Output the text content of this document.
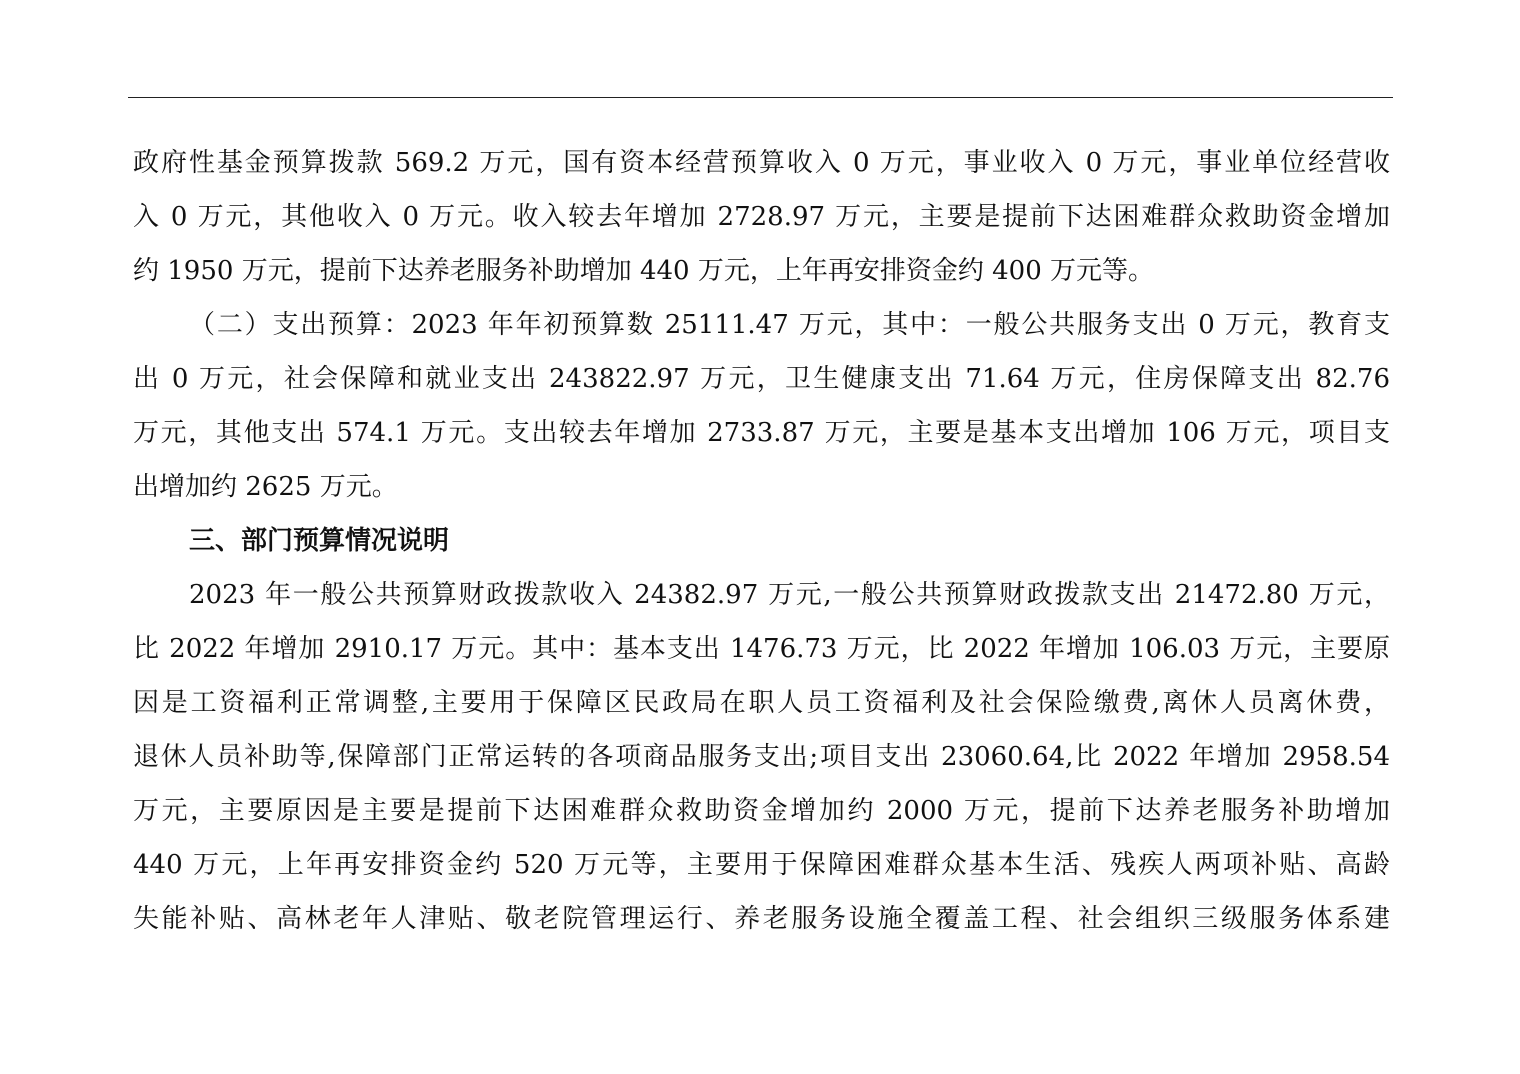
政府性基金预算拨款 569.2 万元，国有资本经营预算收入 0 万元，事业收入 0 万元，事业单位经营收
入 0 万元，其他收入 0 万元。收入较去年增加 2728.97 万元，主要是提前下达困难群众救助资金增加
约 1950 万元，提前下达养老服务补助增加 440 万元，上年再安排资金约 400 万元等。
（二）支出预算：2023 年年初预算数 25111.47 万元，其中：一般公共服务支出 0 万元，教育支
出 0 万元，社会保障和就业支出 243822.97 万元，卫生健康支出 71.64 万元，住房保障支出 82.76
万元，其他支出 574.1 万元。支出较去年增加 2733.87 万元，主要是基本支出增加 106 万元，项目支
出增加约 2625 万元。
三、部门预算情况说明
2023 年一般公共预算财政拨款收入 24382.97 万元,一般公共预算财政拨款支出 21472.80 万元，
比 2022 年增加 2910.17 万元。其中：基本支出 1476.73 万元，比 2022 年增加 106.03 万元，主要原
因是工资福利正常调整,主要用于保障区民政局在职人员工资福利及社会保险缴费,离休人员离休费，
退休人员补助等,保障部门正常运转的各项商品服务支出;项目支出 23060.64,比 2022 年增加 2958.54
万元，主要原因是主要是提前下达困难群众救助资金增加约 2000 万元，提前下达养老服务补助增加
440 万元，上年再安排资金约 520 万元等，主要用于保障困难群众基本生活、残疾人两项补贴、高龄
失能补贴、高林老年人津贴、敬老院管理运行、养老服务设施全覆盖工程、社会组织三级服务体系建
